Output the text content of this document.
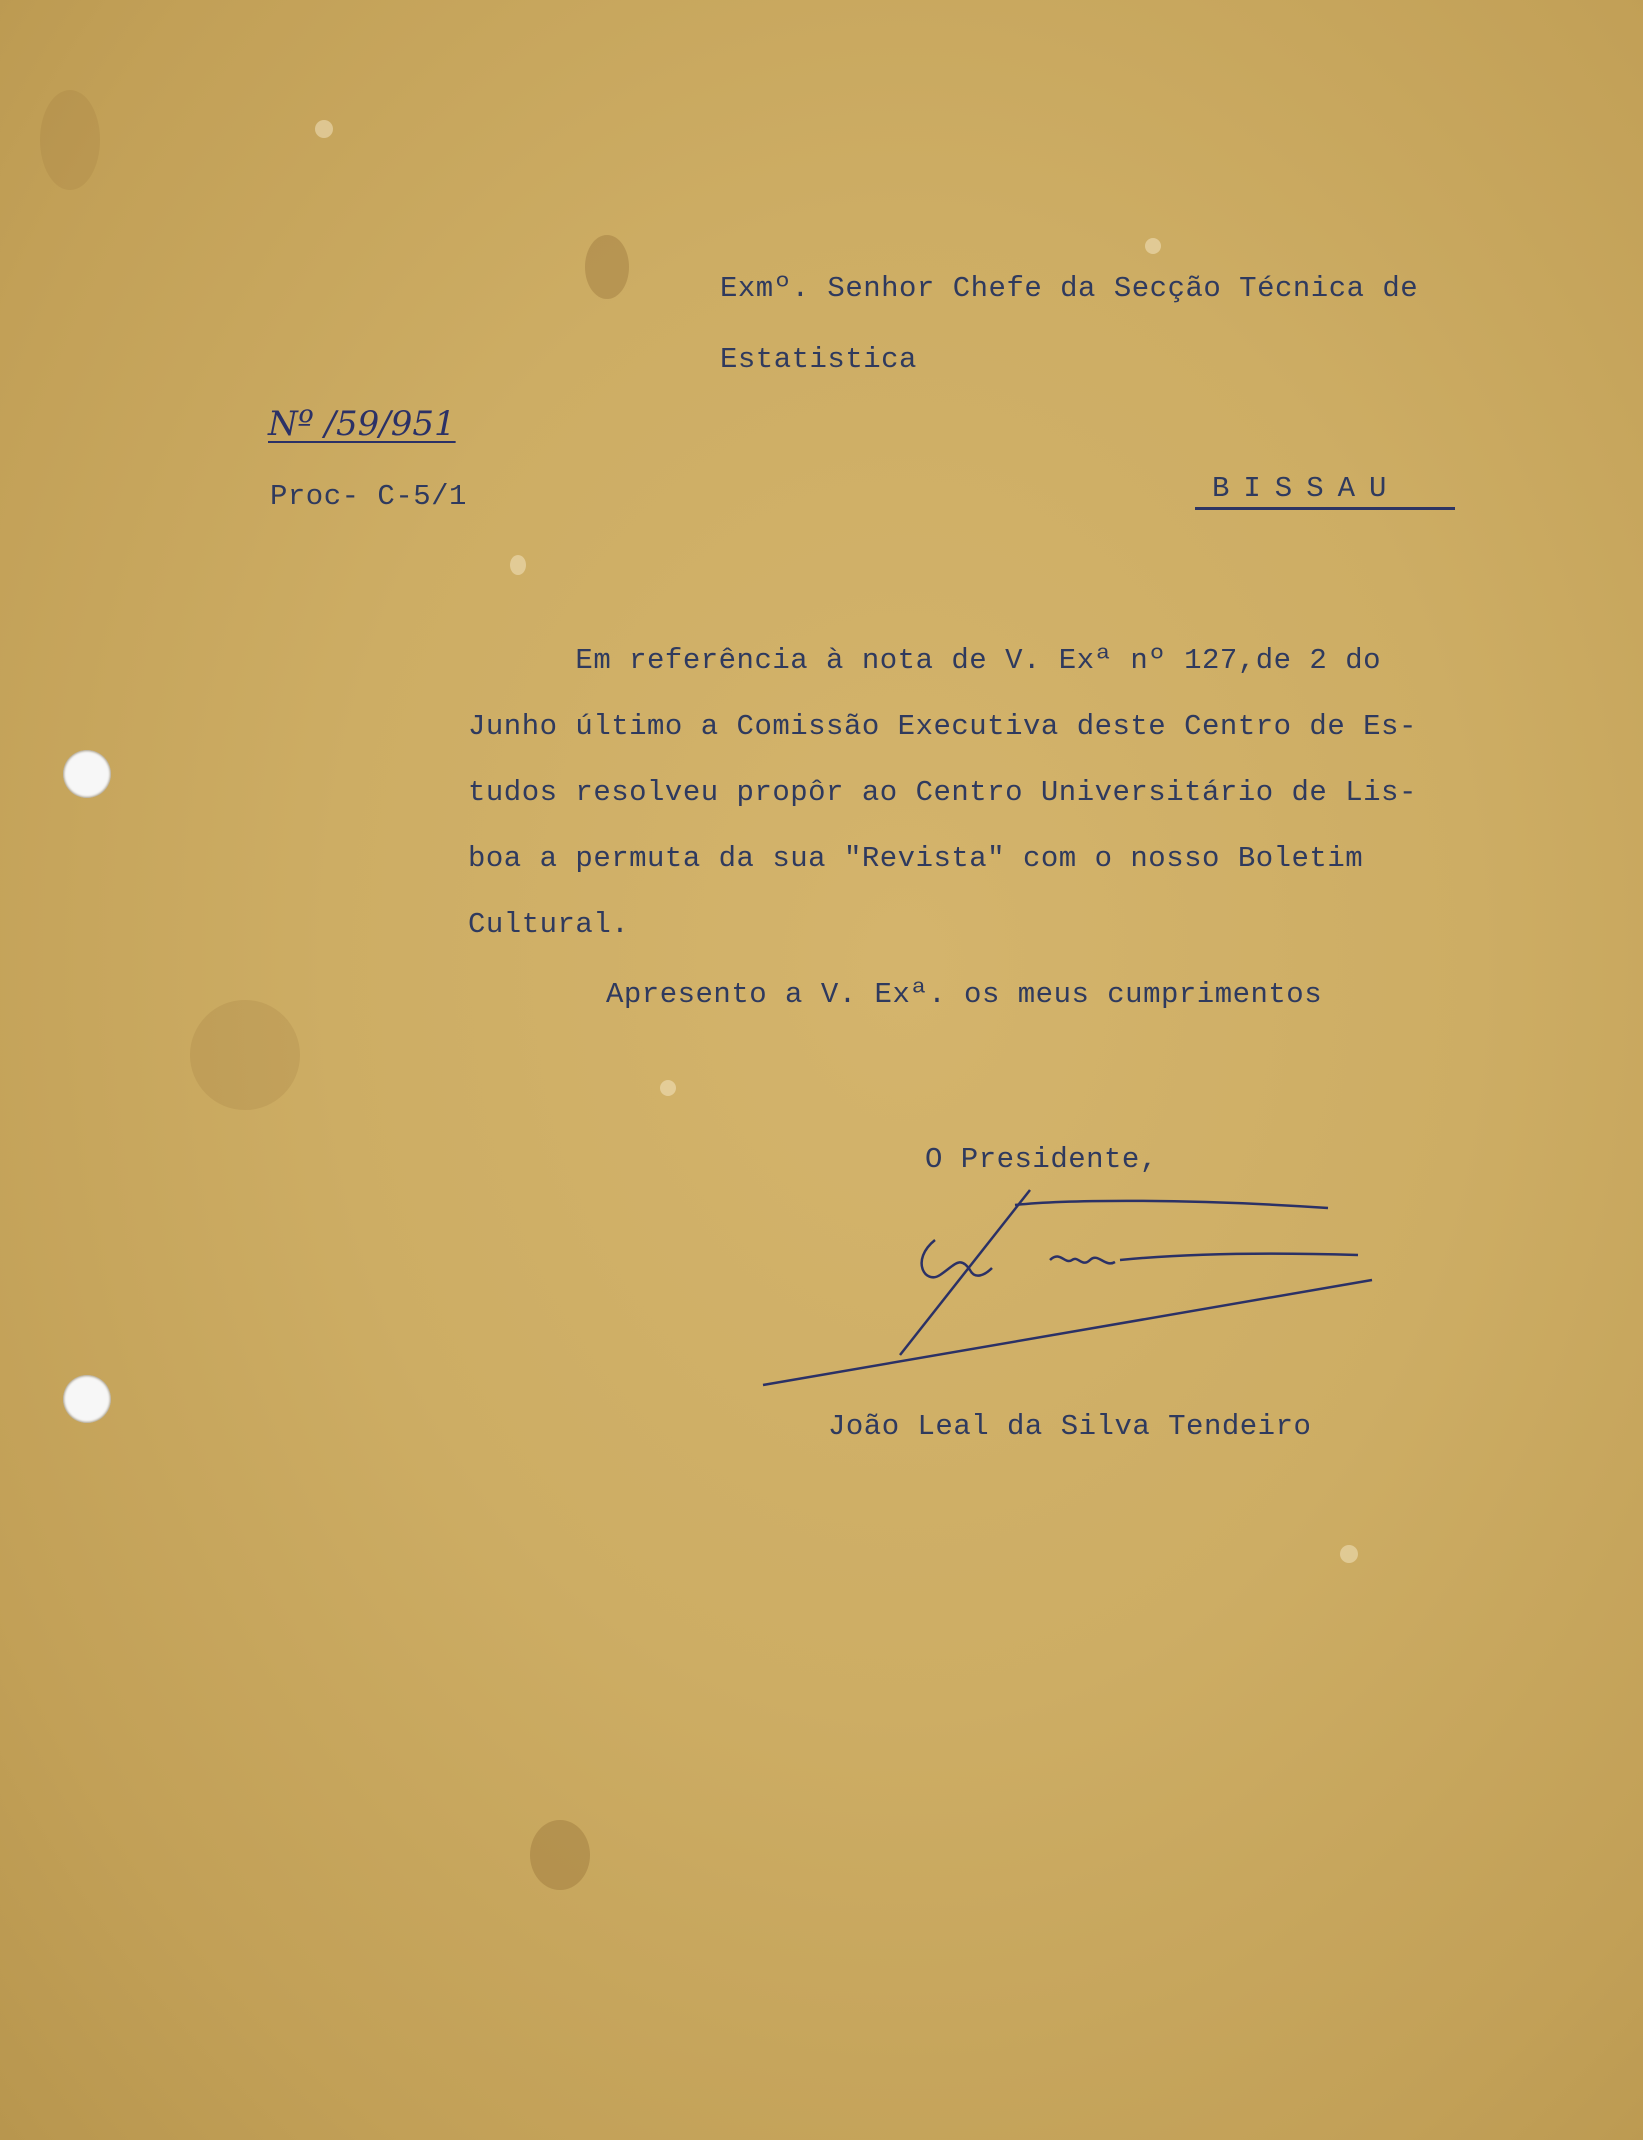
Exmº. Senhor Chefe da Secção Técnica de

Estatistica

Nº /59/951

Proc- C-5/1	BISSAU

Em referência à nota de V. Exª nº 127,de 2 do

Junho último a Comissão Executiva deste Centro de Es-

tudos resolveu propôr ao Centro Universitário de Lis-

boa a permuta da sua "Revista" com o nosso Boletim

Cultural.

Apresento a V. Exª. os meus cumprimentos

O Presidente,

João Leal da Silva Tendeiro
